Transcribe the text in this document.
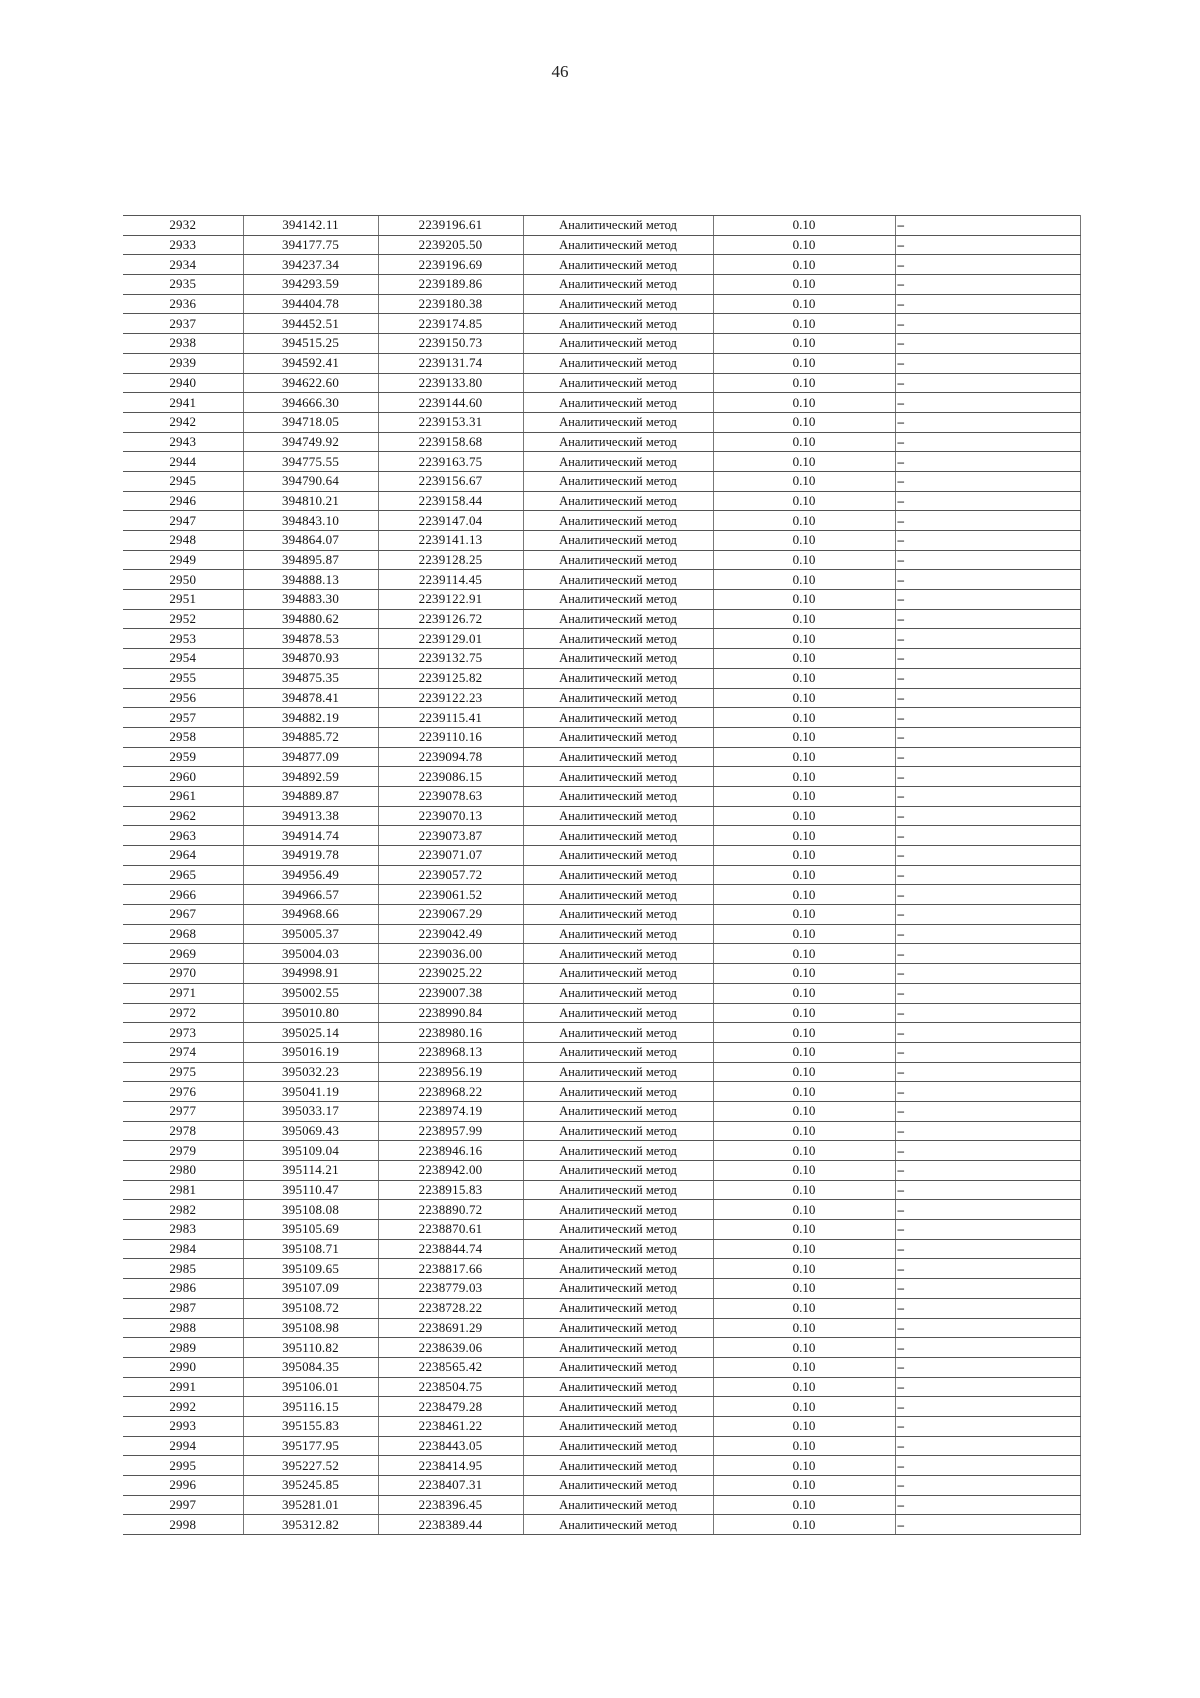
46
2932	394142.11	2239196.61	Аналитический метод	0.10	–
2933	394177.75	2239205.50	Аналитический метод	0.10	–
2934	394237.34	2239196.69	Аналитический метод	0.10	–
2935	394293.59	2239189.86	Аналитический метод	0.10	–
2936	394404.78	2239180.38	Аналитический метод	0.10	–
2937	394452.51	2239174.85	Аналитический метод	0.10	–
2938	394515.25	2239150.73	Аналитический метод	0.10	–
2939	394592.41	2239131.74	Аналитический метод	0.10	–
2940	394622.60	2239133.80	Аналитический метод	0.10	–
2941	394666.30	2239144.60	Аналитический метод	0.10	–
2942	394718.05	2239153.31	Аналитический метод	0.10	–
2943	394749.92	2239158.68	Аналитический метод	0.10	–
2944	394775.55	2239163.75	Аналитический метод	0.10	–
2945	394790.64	2239156.67	Аналитический метод	0.10	–
2946	394810.21	2239158.44	Аналитический метод	0.10	–
2947	394843.10	2239147.04	Аналитический метод	0.10	–
2948	394864.07	2239141.13	Аналитический метод	0.10	–
2949	394895.87	2239128.25	Аналитический метод	0.10	–
2950	394888.13	2239114.45	Аналитический метод	0.10	–
2951	394883.30	2239122.91	Аналитический метод	0.10	–
2952	394880.62	2239126.72	Аналитический метод	0.10	–
2953	394878.53	2239129.01	Аналитический метод	0.10	–
2954	394870.93	2239132.75	Аналитический метод	0.10	–
2955	394875.35	2239125.82	Аналитический метод	0.10	–
2956	394878.41	2239122.23	Аналитический метод	0.10	–
2957	394882.19	2239115.41	Аналитический метод	0.10	–
2958	394885.72	2239110.16	Аналитический метод	0.10	–
2959	394877.09	2239094.78	Аналитический метод	0.10	–
2960	394892.59	2239086.15	Аналитический метод	0.10	–
2961	394889.87	2239078.63	Аналитический метод	0.10	–
2962	394913.38	2239070.13	Аналитический метод	0.10	–
2963	394914.74	2239073.87	Аналитический метод	0.10	–
2964	394919.78	2239071.07	Аналитический метод	0.10	–
2965	394956.49	2239057.72	Аналитический метод	0.10	–
2966	394966.57	2239061.52	Аналитический метод	0.10	–
2967	394968.66	2239067.29	Аналитический метод	0.10	–
2968	395005.37	2239042.49	Аналитический метод	0.10	–
2969	395004.03	2239036.00	Аналитический метод	0.10	–
2970	394998.91	2239025.22	Аналитический метод	0.10	–
2971	395002.55	2239007.38	Аналитический метод	0.10	–
2972	395010.80	2238990.84	Аналитический метод	0.10	–
2973	395025.14	2238980.16	Аналитический метод	0.10	–
2974	395016.19	2238968.13	Аналитический метод	0.10	–
2975	395032.23	2238956.19	Аналитический метод	0.10	–
2976	395041.19	2238968.22	Аналитический метод	0.10	–
2977	395033.17	2238974.19	Аналитический метод	0.10	–
2978	395069.43	2238957.99	Аналитический метод	0.10	–
2979	395109.04	2238946.16	Аналитический метод	0.10	–
2980	395114.21	2238942.00	Аналитический метод	0.10	–
2981	395110.47	2238915.83	Аналитический метод	0.10	–
2982	395108.08	2238890.72	Аналитический метод	0.10	–
2983	395105.69	2238870.61	Аналитический метод	0.10	–
2984	395108.71	2238844.74	Аналитический метод	0.10	–
2985	395109.65	2238817.66	Аналитический метод	0.10	–
2986	395107.09	2238779.03	Аналитический метод	0.10	–
2987	395108.72	2238728.22	Аналитический метод	0.10	–
2988	395108.98	2238691.29	Аналитический метод	0.10	–
2989	395110.82	2238639.06	Аналитический метод	0.10	–
2990	395084.35	2238565.42	Аналитический метод	0.10	–
2991	395106.01	2238504.75	Аналитический метод	0.10	–
2992	395116.15	2238479.28	Аналитический метод	0.10	–
2993	395155.83	2238461.22	Аналитический метод	0.10	–
2994	395177.95	2238443.05	Аналитический метод	0.10	–
2995	395227.52	2238414.95	Аналитический метод	0.10	–
2996	395245.85	2238407.31	Аналитический метод	0.10	–
2997	395281.01	2238396.45	Аналитический метод	0.10	–
2998	395312.82	2238389.44	Аналитический метод	0.10	–
